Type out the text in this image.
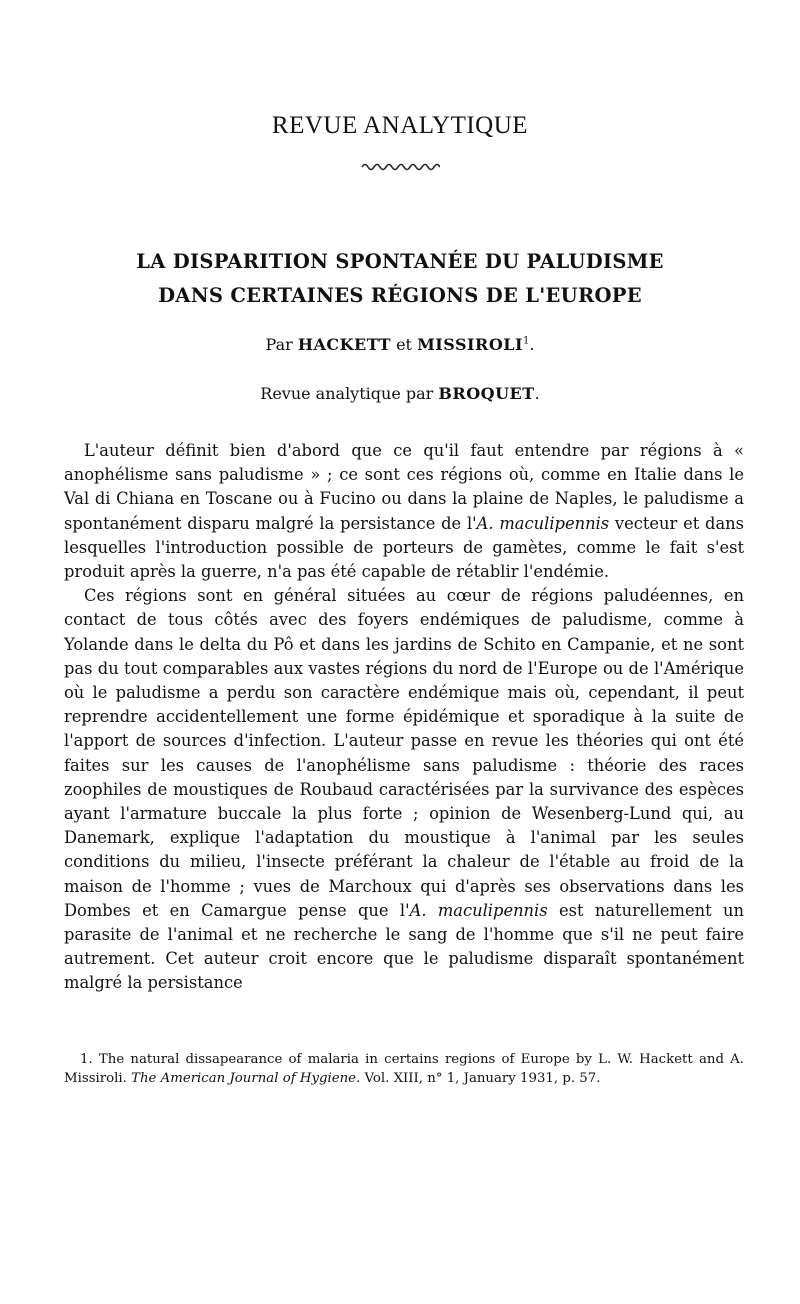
REVUE ANALYTIQUE
LA DISPARITION SPONTANÉE DU PALUDISME
DANS CERTAINES RÉGIONS DE L'EUROPE
Par HACKETT et MISSIROLI$^1$.
Revue analytique par BROQUET.

L'auteur définit bien d'abord que ce qu'il faut entendre par régions à « anophélisme sans paludisme » ; ce sont ces régions où, comme en Italie dans le Val di Chiana en Toscane ou à Fucino ou dans la plaine de Naples, le paludisme a spontanément disparu malgré la persistance de l'A. maculipennis vecteur et dans lesquelles l'introduction possible de porteurs de gamètes, comme le fait s'est produit après la guerre, n'a pas été capable de rétablir l'endémie.

Ces régions sont en général situées au cœur de régions paludéennes, en contact de tous côtés avec des foyers endémiques de paludisme, comme à Yolande dans le delta du Pô et dans les jardins de Schito en Campanie, et ne sont pas du tout comparables aux vastes régions du nord de l'Europe ou de l'Amérique où le paludisme a perdu son caractère endémique mais où, cependant, il peut reprendre accidentellement une forme épidémique et sporadique à la suite de l'apport de sources d'infection. L'auteur passe en revue les théories qui ont été faites sur les causes de l'anophélisme sans paludisme : théorie des races zoophiles de moustiques de Roubaud caractérisées par la survivance des espèces ayant l'armature buccale la plus forte ; opinion de Wesenberg-Lund qui, au Danemark, explique l'adaptation du moustique à l'animal par les seules conditions du milieu, l'insecte préférant la chaleur de l'étable au froid de la maison de l'homme ; vues de Marchoux qui d'après ses observations dans les Dombes et en Camargue pense que l'A. maculipennis est naturellement un parasite de l'animal et ne recherche le sang de l'homme que s'il ne peut faire autrement. Cet auteur croit encore que le paludisme disparaît spontanément malgré la persistance

1. The natural dissapearance of malaria in certains regions of Europe by L. W. Hackett and A. Missiroli. The American Journal of Hygiene. Vol. XIII, n° 1, January 1931, p. 57.
